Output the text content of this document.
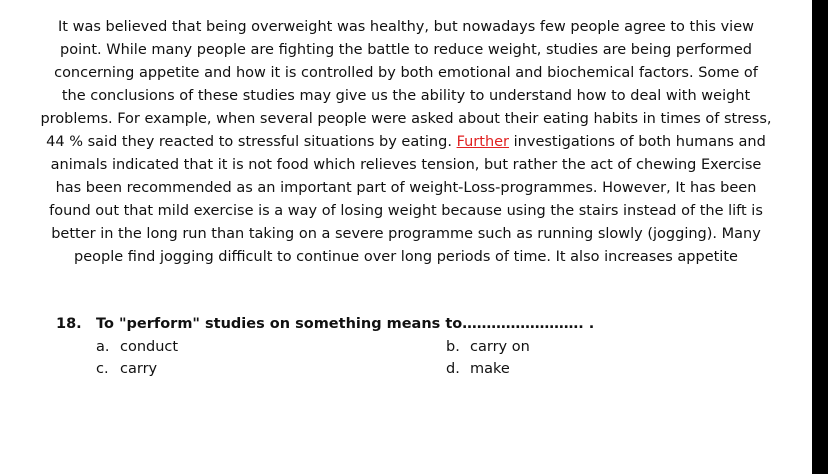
It was believed that being overweight was healthy, but nowadays few people agree to this view
point. While many people are fighting the battle to reduce weight, studies are being performed
concerning appetite and how it is controlled by both emotional and biochemical factors. Some of
the conclusions of these studies may give us the ability to understand how to deal with weight
problems. For example, when several people were asked about their eating habits in times of stress,
44 % said they reacted to stressful situations by eating. Further investigations of both humans and
animals indicated that it is not food which relieves tension, but rather the act of chewing Exercise
has been recommended as an important part of weight-Loss-programmes. However, It has been
found out that mild exercise is a way of losing weight because using the stairs instead of the lift is
better in the long run than taking on a severe programme such as running slowly (jogging). Many
people find jogging difficult to continue over long periods of time. It also increases appetite

18. To "perform" studies on something means to……………………. .
a. conduct	b. carry on
c. carry	d. make
